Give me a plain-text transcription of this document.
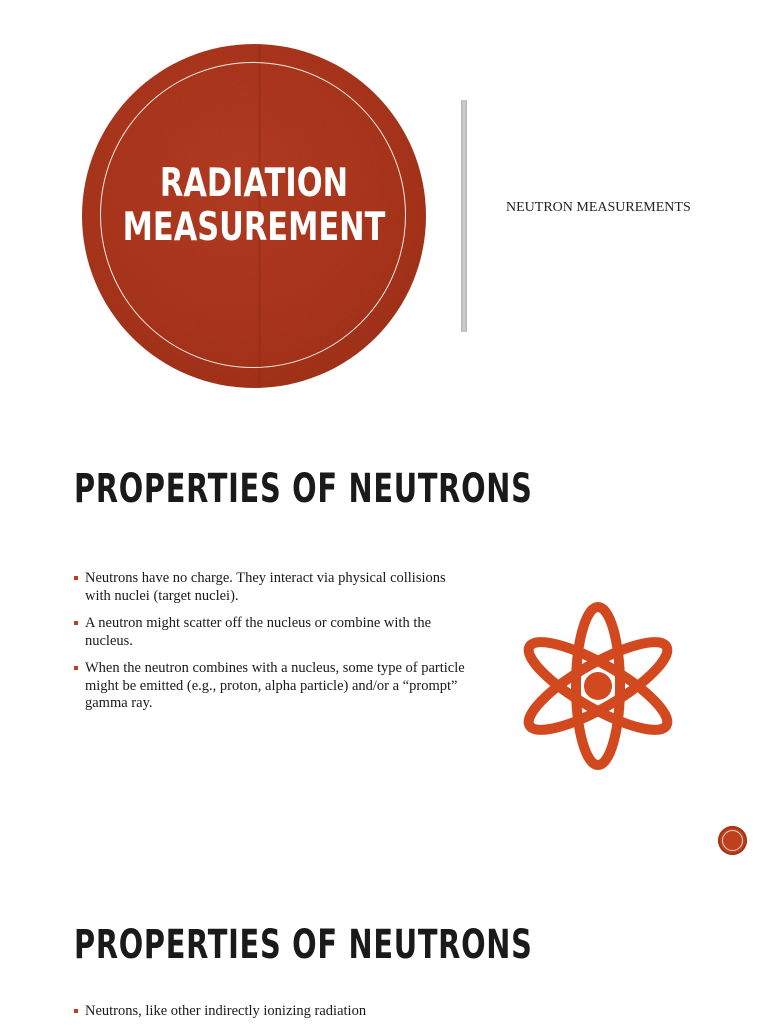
RADIATION
MEASUREMENT	NEUTRON MEASUREMENTS
PROPERTIES OF NEUTRONS
Neutrons have no charge. They interact via physical collisions with nuclei (target nuclei).
A neutron might scatter off the nucleus or combine with the nucleus.
When the neutron combines with a nucleus, some type of particle might be emitted (e.g., proton, alpha particle) and/or a “prompt” gamma ray.
PROPERTIES OF NEUTRONS
Neutrons, like other indirectly ionizing radiation
